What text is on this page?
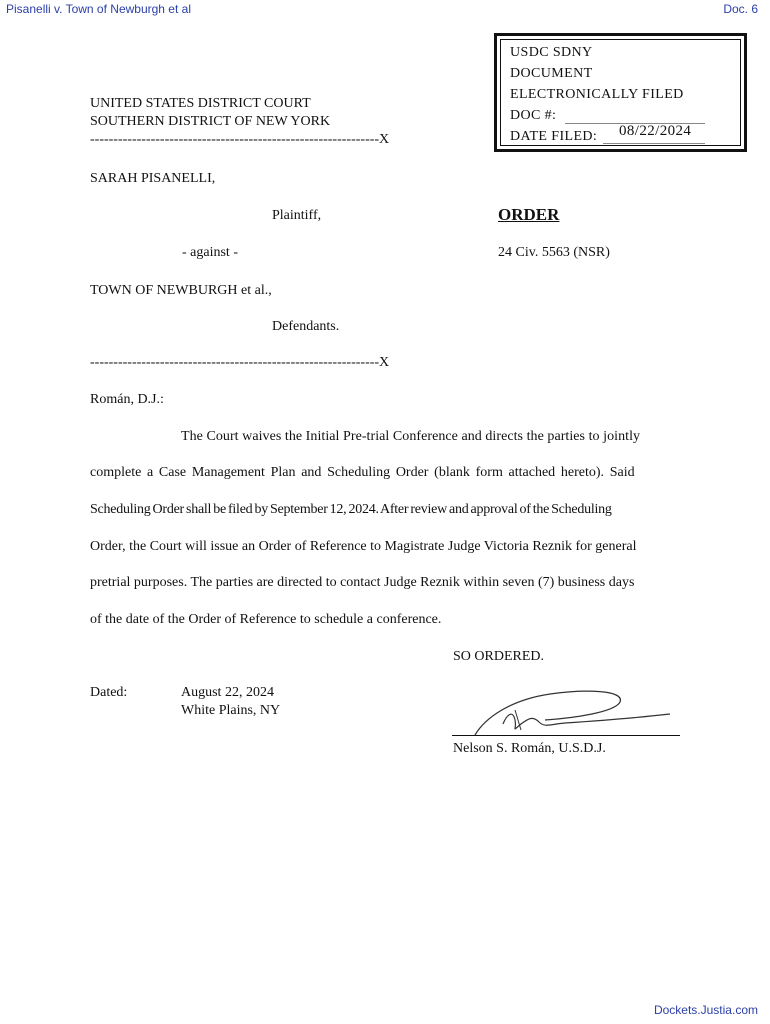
Pisanelli v. Town of Newburgh et al	Doc. 6
USDC SDNY
DOCUMENT
ELECTRONICALLY FILED
DOC #:
DATE FILED: 08/22/2024
UNITED STATES DISTRICT COURT
SOUTHERN DISTRICT OF NEW YORK
--------------------------------------------------------------X
SARAH PISANELLI,
Plaintiff,	ORDER
- against -	24 Civ. 5563 (NSR)
TOWN OF NEWBURGH et al.,
Defendants.
--------------------------------------------------------------X
Román, D.J.:
The Court waives the Initial Pre-trial Conference and directs the parties to jointly
complete a Case Management Plan and Scheduling Order (blank form attached hereto). Said
Scheduling Order shall be filed by September 12, 2024. After review and approval of the Scheduling
Order, the Court will issue an Order of Reference to Magistrate Judge Victoria Reznik for general
pretrial purposes. The parties are directed to contact Judge Reznik within seven (7) business days
of the date of the Order of Reference to schedule a conference.
SO ORDERED.
Dated:	August 22, 2024
White Plains, NY
Nelson S. Román, U.S.D.J.
Dockets.Justia.com
